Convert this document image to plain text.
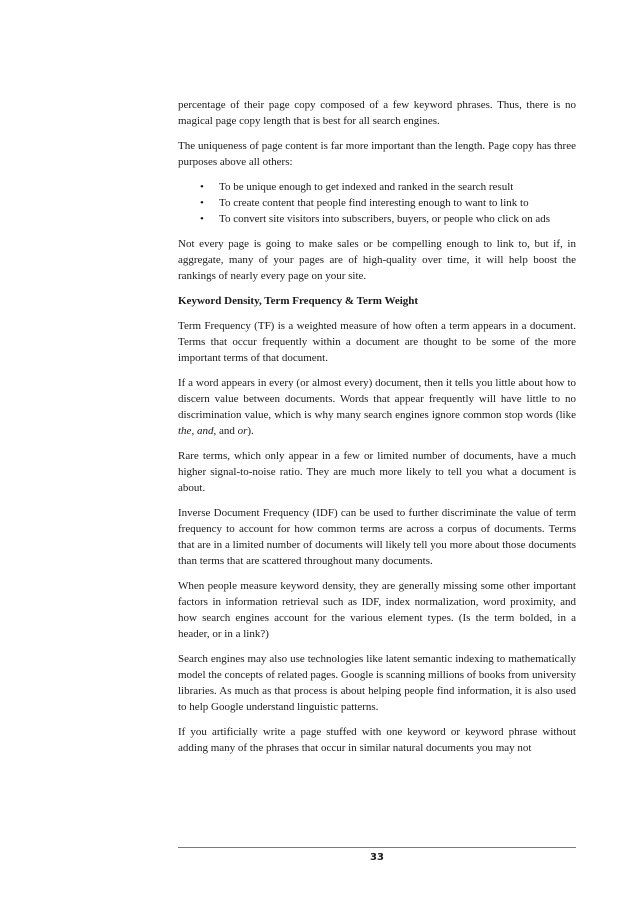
percentage of their page copy composed of a few keyword phrases. Thus, there is no magical page copy length that is best for all search engines.

The uniqueness of page content is far more important than the length. Page copy has three purposes above all others:

• To be unique enough to get indexed and ranked in the search result
• To create content that people find interesting enough to want to link to
• To convert site visitors into subscribers, buyers, or people who click on ads

Not every page is going to make sales or be compelling enough to link to, but if, in aggregate, many of your pages are of high-quality over time, it will help boost the rankings of nearly every page on your site.

Keyword Density, Term Frequency & Term Weight

Term Frequency (TF) is a weighted measure of how often a term appears in a document. Terms that occur frequently within a document are thought to be some of the more important terms of that document.

If a word appears in every (or almost every) document, then it tells you little about how to discern value between documents. Words that appear frequently will have little to no discrimination value, which is why many search engines ignore common stop words (like the, and, and or).

Rare terms, which only appear in a few or limited number of documents, have a much higher signal-to-noise ratio. They are much more likely to tell you what a document is about.

Inverse Document Frequency (IDF) can be used to further discriminate the value of term frequency to account for how common terms are across a corpus of documents. Terms that are in a limited number of documents will likely tell you more about those documents than terms that are scattered throughout many documents.

When people measure keyword density, they are generally missing some other important factors in information retrieval such as IDF, index normalization, word proximity, and how search engines account for the various element types. (Is the term bolded, in a header, or in a link?)

Search engines may also use technologies like latent semantic indexing to mathematically model the concepts of related pages. Google is scanning millions of books from university libraries. As much as that process is about helping people find information, it is also used to help Google understand linguistic patterns.

If you artificially write a page stuffed with one keyword or keyword phrase without adding many of the phrases that occur in similar natural documents you may not

33
